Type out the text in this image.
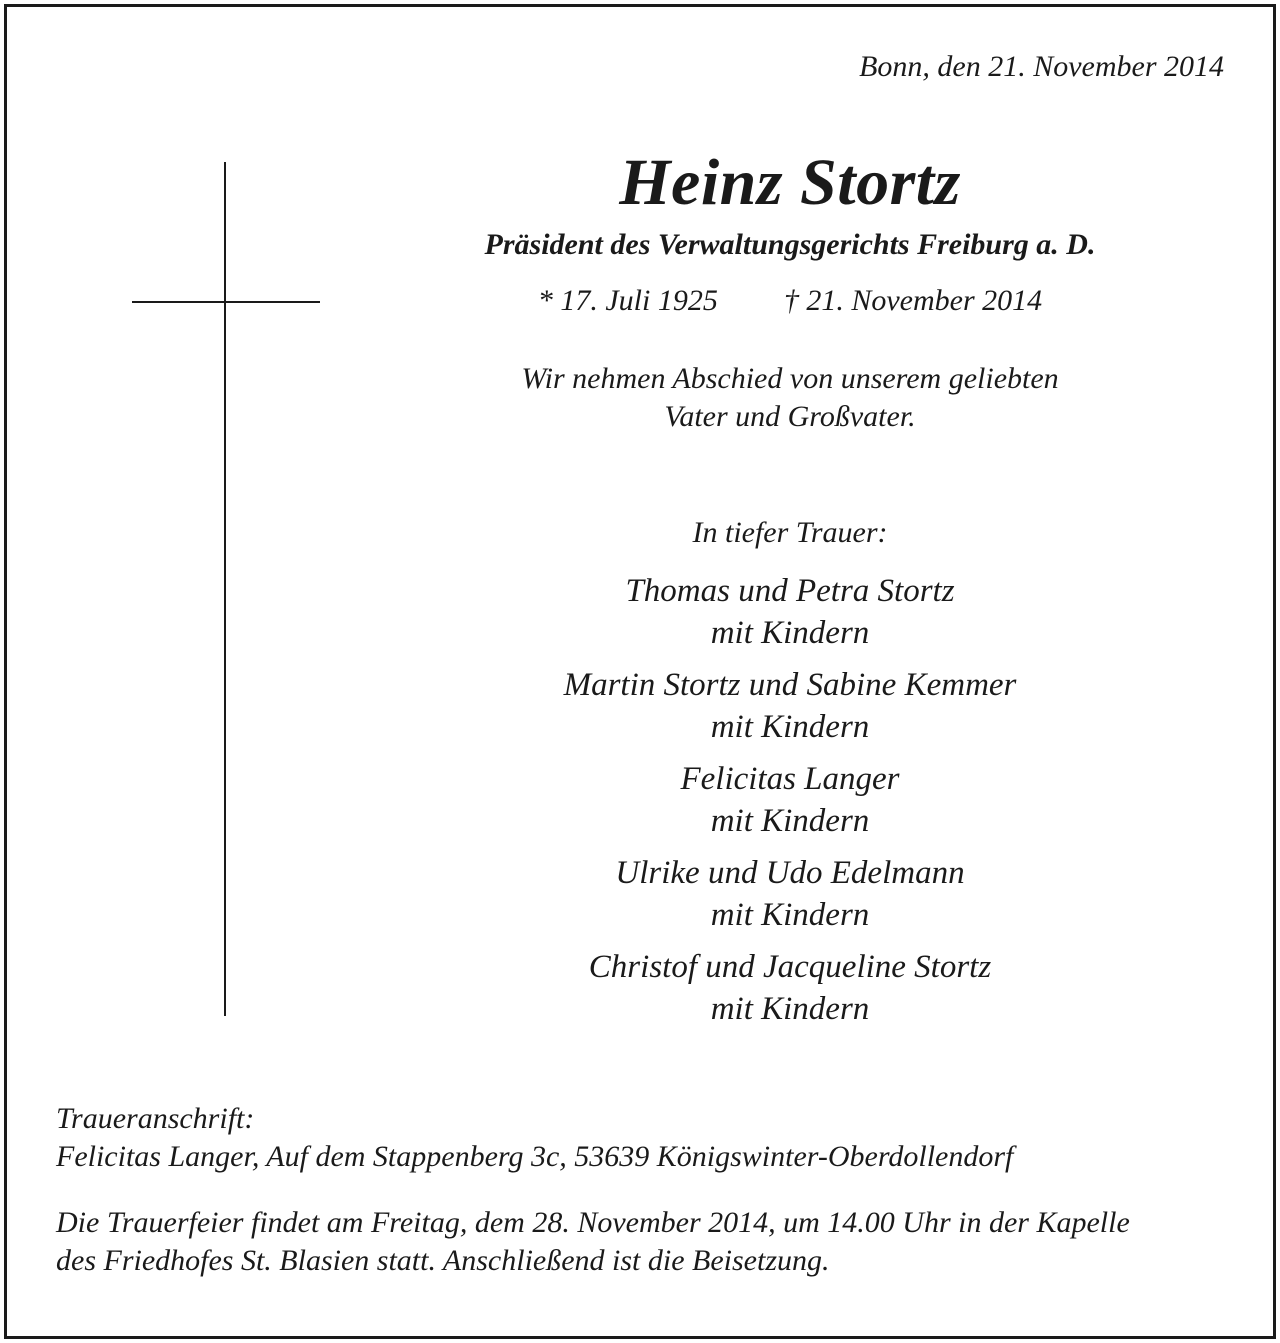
Bonn, den 21. November 2014
Heinz Stortz
Präsident des Verwaltungsgerichts Freiburg a. D.
* 17. Juli 1925 † 21. November 2014
Wir nehmen Abschied von unserem geliebten
Vater und Großvater.
In tiefer Trauer:
Thomas und Petra Stortz
mit Kindern
Martin Stortz und Sabine Kemmer
mit Kindern
Felicitas Langer
mit Kindern
Ulrike und Udo Edelmann
mit Kindern
Christof und Jacqueline Stortz
mit Kindern
Traueranschrift:
Felicitas Langer, Auf dem Stappenberg 3c, 53639 Königswinter-Oberdollendorf
Die Trauerfeier findet am Freitag, dem 28. November 2014, um 14.00 Uhr in der Kapelle
des Friedhofes St. Blasien statt. Anschließend ist die Beisetzung.
